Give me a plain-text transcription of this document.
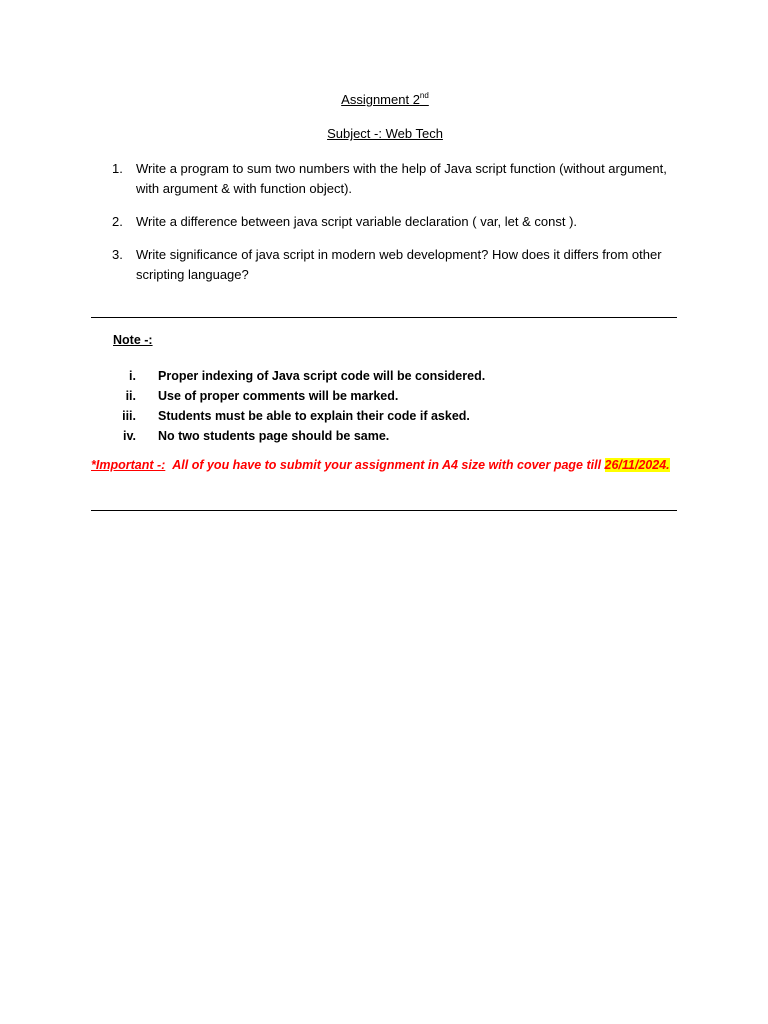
Assignment 2nd
Subject -: Web Tech
1.	Write a program to sum two numbers with the help of Java script function (without argument, with argument & with function object).
2.	Write a difference between java script variable declaration ( var, let & const ).
3.	Write significance of java script in modern web development? How does it differs from other scripting language?
Note -:
i.	Proper indexing of Java script code will be considered.
ii.	Use of proper comments will be marked.
iii.	Students must be able to explain their code if asked.
iv.	No two students page should be same.
*Important -: All of you have to submit your assignment in A4 size with cover page till 26/11/2024.
